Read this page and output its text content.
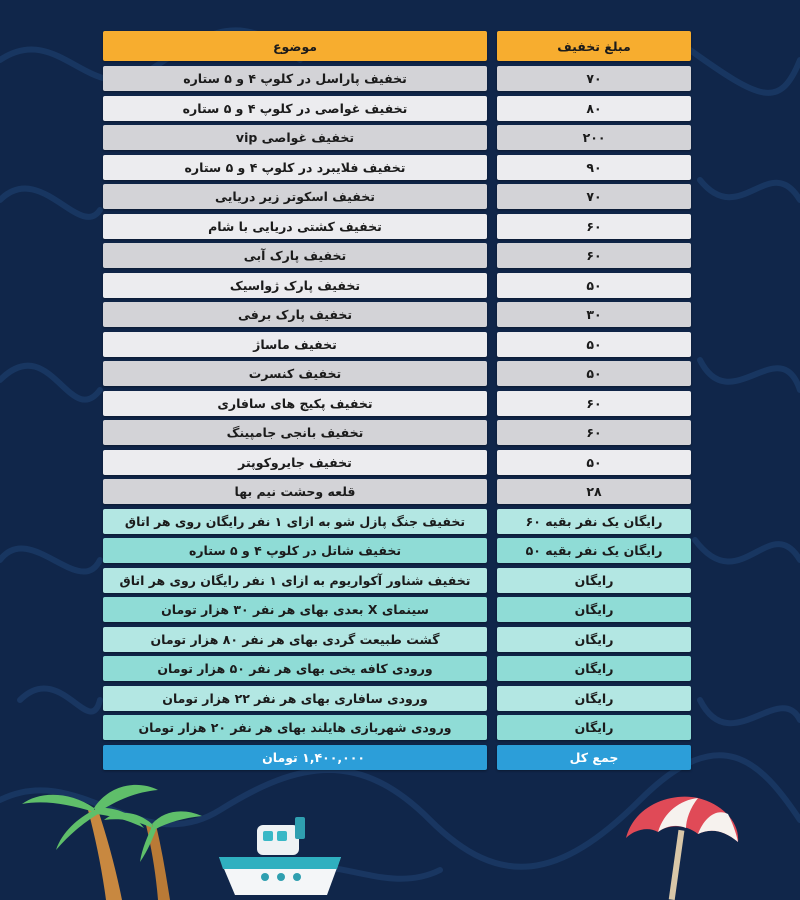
مبلغ تخفیف
موضوع
۷۰
تخفیف پاراسل در کلوپ ۴ و ۵ ستاره
۸۰
تخفیف غواصی در کلوپ ۴ و ۵ ستاره
۲۰۰
تخفیف غواصی vip
۹۰
تخفیف فلایبرد در کلوپ ۴ و ۵ ستاره
۷۰
تخفیف اسکوتر زیر دریایی
۶۰
تخفیف کشتی دریایی با شام
۶۰
تخفیف پارک آبی
۵۰
تخفیف پارک ژواسیک
۳۰
تخفیف پارک برفی
۵۰
تخفیف ماساژ
۵۰
تخفیف کنسرت
۶۰
تخفیف پکیج های سافاری
۶۰
تخفیف بانجی جامپینگ
۵۰
تخفیف جایروکوپتر
۲۸
قلعه وحشت نیم بها
رایگان یک نفر بقیه ۶۰
تخفیف جنگ پازل شو به ازای ۱ نفر رایگان روی هر اتاق
رایگان یک نفر بقیه ۵۰
تخفیف شاتل در کلوپ ۴ و ۵ ستاره
رایگان
تخفیف شناور آکواریوم به ازای ۱ نفر رایگان روی هر اتاق
رایگان
سینمای X بعدی بهای هر نفر ۳۰ هزار تومان
رایگان
گشت طبیعت گردی بهای هر نفر ۸۰ هزار تومان
رایگان
ورودی کافه یخی بهای هر نفر ۵۰ هزار تومان
رایگان
ورودی سافاری بهای هر نفر ۲۲ هزار تومان
رایگان
ورودی شهربازی هایلند بهای هر نفر ۲۰ هزار تومان
جمع کل
۱,۴۰۰,۰۰۰ تومان
